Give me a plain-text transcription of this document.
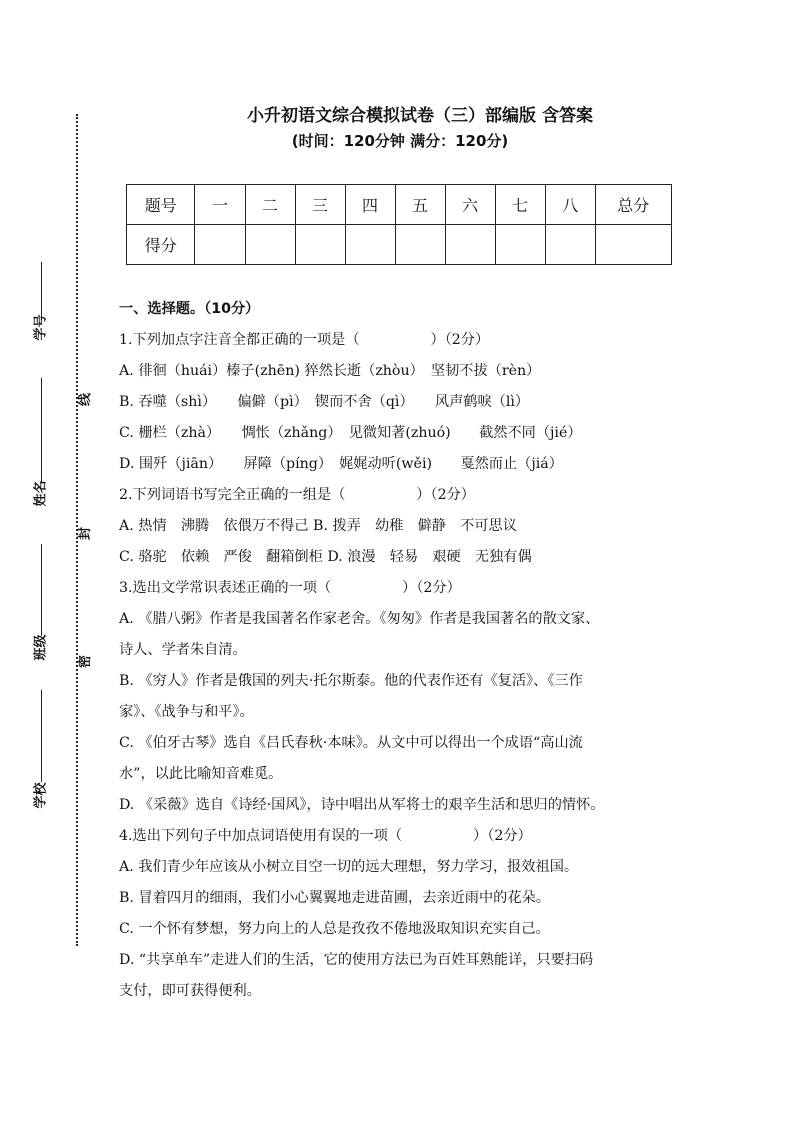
学号
姓名
班级
学校
线
封
密
小升初语文综合模拟试卷（三）部编版 含答案
(时间：120分钟 满分：120分)
题号	一	二	三	四	五	六	七	八	总分
得分									
一、选择题。（10分）
1.下列加点字注音全都正确的一项是（　　　　　）（2分）
A. 徘徊（huái）榛子(zhēn) 猝然长逝（zhòu）　坚韧不拔（rèn）
B. 吞噬（shì）　　偏僻（pì）　锲而不舍（qì）　　风声鹤唳（lì）
C. 栅栏（zhà）　　惆怅（zhǎng）　见微知著(zhuó)　　截然不同（jié）
D. 围歼（jiān）　　屏障（píng）　娓娓动听(wěi)　　戛然而止（jiá）
2.下列词语书写完全正确的一组是（　　　　　）（2分）
A. 热情　沸腾　依偎万不得己 B. 拨弄　幼稚　僻静　不可思议
C. 骆驼　依赖　严俊　翻箱倒柜 D. 浪漫　轻易　艰硬　无独有偶
3.选出文学常识表述正确的一项（　　　　　）（2分）
A. 《腊八粥》作者是我国著名作家老舍。《匆匆》作者是我国著名的散文家、
诗人、学者朱自清。
B. 《穷人》作者是俄国的列夫·托尔斯泰。他的代表作还有《复活》、《三作
家》、《战争与和平》。
C. 《伯牙古琴》选自《吕氏春秋·本味》。从文中可以得出一个成语“高山流
水”，以此比喻知音难觅。
D. 《采薇》选自《诗经·国风》，诗中唱出从军将士的艰辛生活和思归的情怀。
4.选出下列句子中加点词语使用有误的一项（　　　　　）（2分）
A. 我们青少年应该从小树立目空一切的远大理想，努力学习，报效祖国。
B. 冒着四月的细雨，我们小心翼翼地走进苗圃，去亲近雨中的花朵。
C. 一个怀有梦想，努力向上的人总是孜孜不倦地汲取知识充实自己。
D. “共享单车”走进人们的生活，它的使用方法已为百姓耳熟能详，只要扫码
支付，即可获得便利。
